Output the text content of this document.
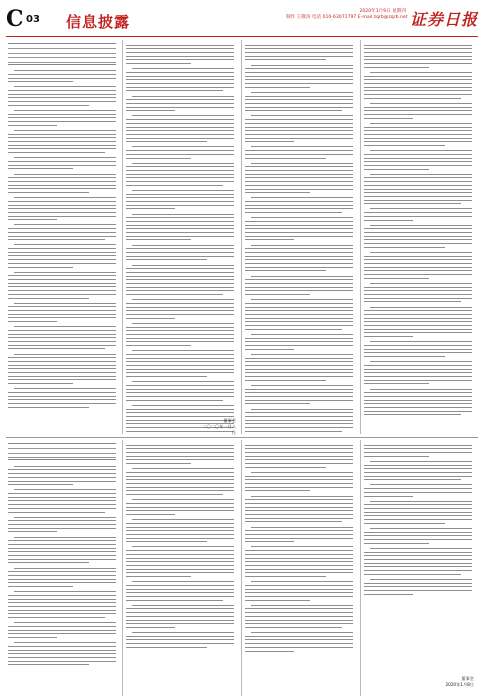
C 03 信息披露
2020年1月9日 星期四
制作 王敬涛 电话 010-63071797 E-mail zqrb@zqrb.net 证券日报
董事会
二〇二〇年一月八日
董事会
2020年1月8日
